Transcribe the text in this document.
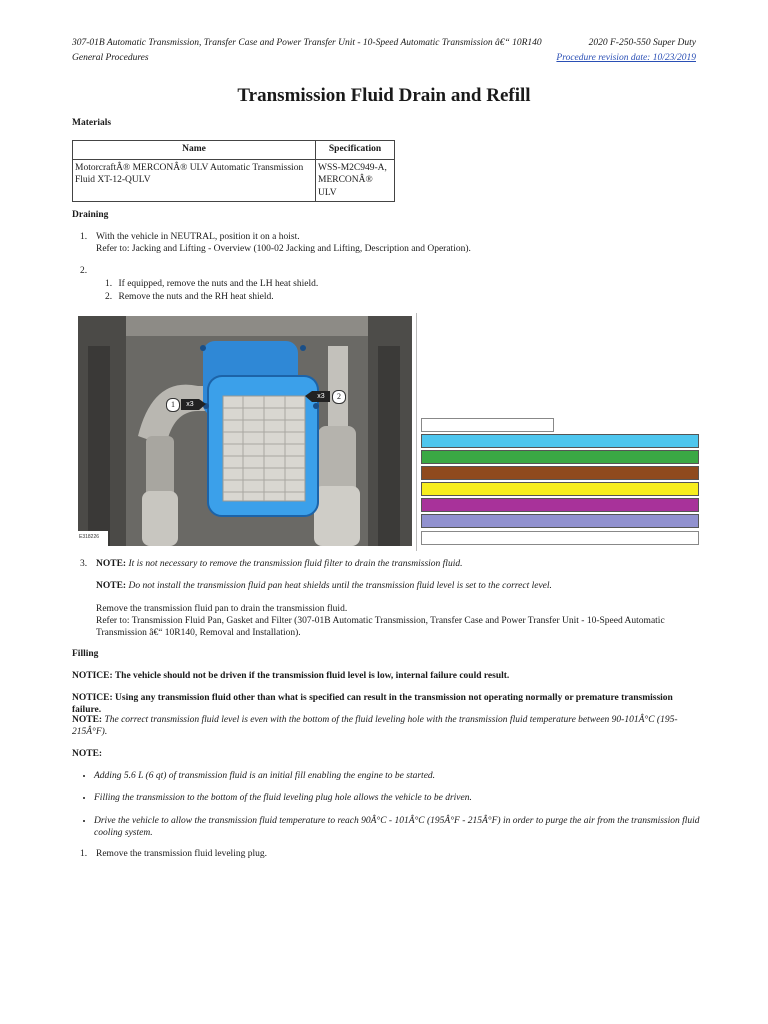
307-01B Automatic Transmission, Transfer Case and Power Transfer Unit - 10-Speed Automatic Transmission â€“ 10R140
General Procedures
2020 F-250-550 Super Duty
Procedure revision date: 10/23/2019
Transmission Fluid Drain and Refill
Materials
Name	Specification
MotorcraftÂ® MERCONÂ® ULV Automatic Transmission Fluid XT-12-QULV	WSS-M2C949-A, MERCONÂ® ULV
Draining
1. With the vehicle in NEUTRAL, position it on a hoist.
Refer to: Jacking and Lifting - Overview (100-02 Jacking and Lifting, Description and Operation).
2.
1. If equipped, remove the nuts and the LH heat shield.
2. Remove the nuts and the RH heat shield.
1	x3
x3	2
E318226
3. NOTE: It is not necessary to remove the transmission fluid filter to drain the transmission fluid.
NOTE: Do not install the transmission fluid pan heat shields until the transmission fluid level is set to the correct level.
Remove the transmission fluid pan to drain the transmission fluid.
Refer to: Transmission Fluid Pan, Gasket and Filter (307-01B Automatic Transmission, Transfer Case and Power Transfer Unit - 10-Speed Automatic Transmission â€“ 10R140, Removal and Installation).
Filling
NOTICE: The vehicle should not be driven if the transmission fluid level is low, internal failure could result.
NOTICE: Using any transmission fluid other than what is specified can result in the transmission not operating normally or premature transmission failure.
NOTE: The correct transmission fluid level is even with the bottom of the fluid leveling hole with the transmission fluid temperature between 90-101Â°C (195-215Â°F).
NOTE:
• Adding 5.6 L (6 qt) of transmission fluid is an initial fill enabling the engine to be started.
• Filling the transmission to the bottom of the fluid leveling plug hole allows the vehicle to be driven.
• Drive the vehicle to allow the transmission fluid temperature to reach 90Â°C - 101Â°C (195Â°F - 215Â°F) in order to purge the air from the transmission fluid cooling system.
1. Remove the transmission fluid leveling plug.
